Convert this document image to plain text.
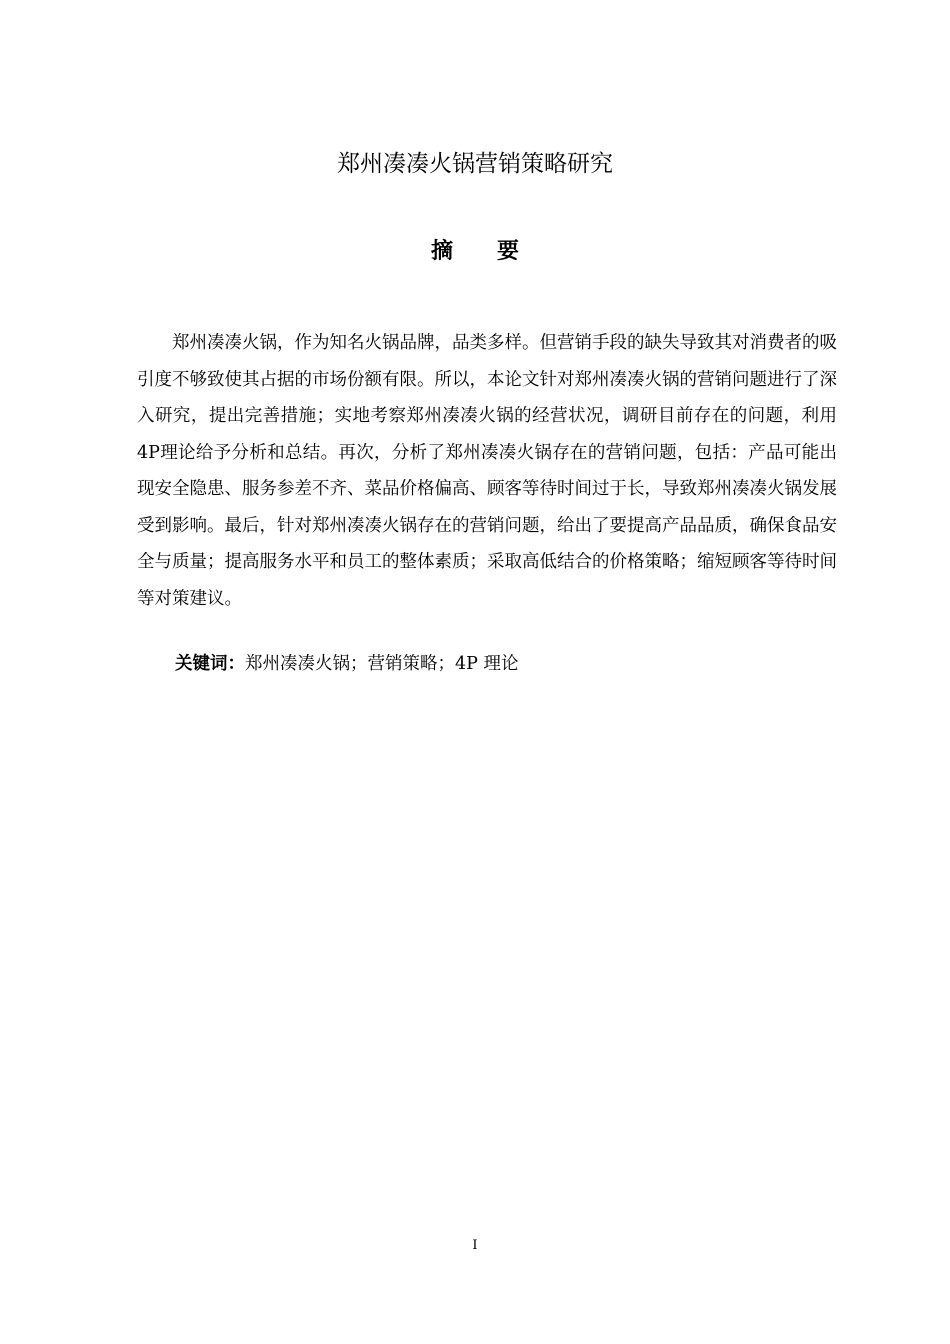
郑州凑凑火锅营销策略研究
摘 要

郑州凑凑火锅，作为知名火锅品牌，品类多样。但营销手段的缺失导致其对消费者的吸引度不够致使其占据的市场份额有限。所以，本论文针对郑州凑凑火锅的营销问题进行了深入研究，提出完善措施；实地考察郑州凑凑火锅的经营状况，调研目前存在的问题，利用4P理论给予分析和总结。再次，分析了郑州凑凑火锅存在的营销问题，包括：产品可能出现安全隐患、服务参差不齐、菜品价格偏高、顾客等待时间过于长，导致郑州凑凑火锅发展受到影响。最后，针对郑州凑凑火锅存在的营销问题，给出了要提高产品品质，确保食品安全与质量；提高服务水平和员工的整体素质；采取高低结合的价格策略；缩短顾客等待时间等对策建议。

关键词：郑州凑凑火锅；营销策略；4P 理论

I
